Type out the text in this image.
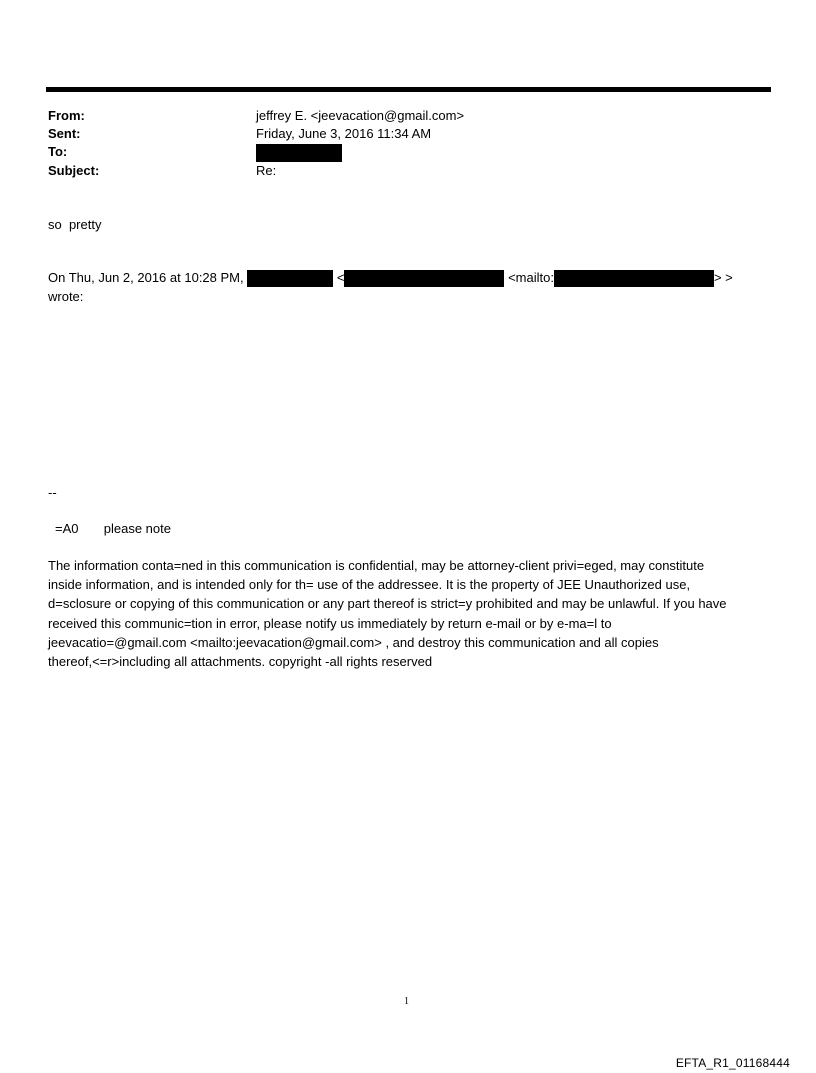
From:	jeffrey E. <jeevacation@gmail.com>
Sent:	Friday, June 3, 2016 11:34 AM
To:
Subject:	Re:
so  pretty
On Thu, Jun 2, 2016 at 10:28 PM,	<	<mailto:	> >
wrote:
--
=A0 please note
The information conta=ned in this communication is confidential, may be attorney-client privi=eged, may constitute
inside information, and is intended only for th= use of the addressee. It is the property of JEE Unauthorized use,
d=sclosure or copying of this communication or any part thereof is strict=y prohibited and may be unlawful. If you have
received this communic=tion in error, please notify us immediately by return e-mail or by e-ma=l to
jeevacatio=@gmail.com <mailto:jeevacation@gmail.com> , and destroy this communication and all copies
thereof,<=r>including all attachments. copyright -all rights reserved
1
EFTA_R1_01168444
